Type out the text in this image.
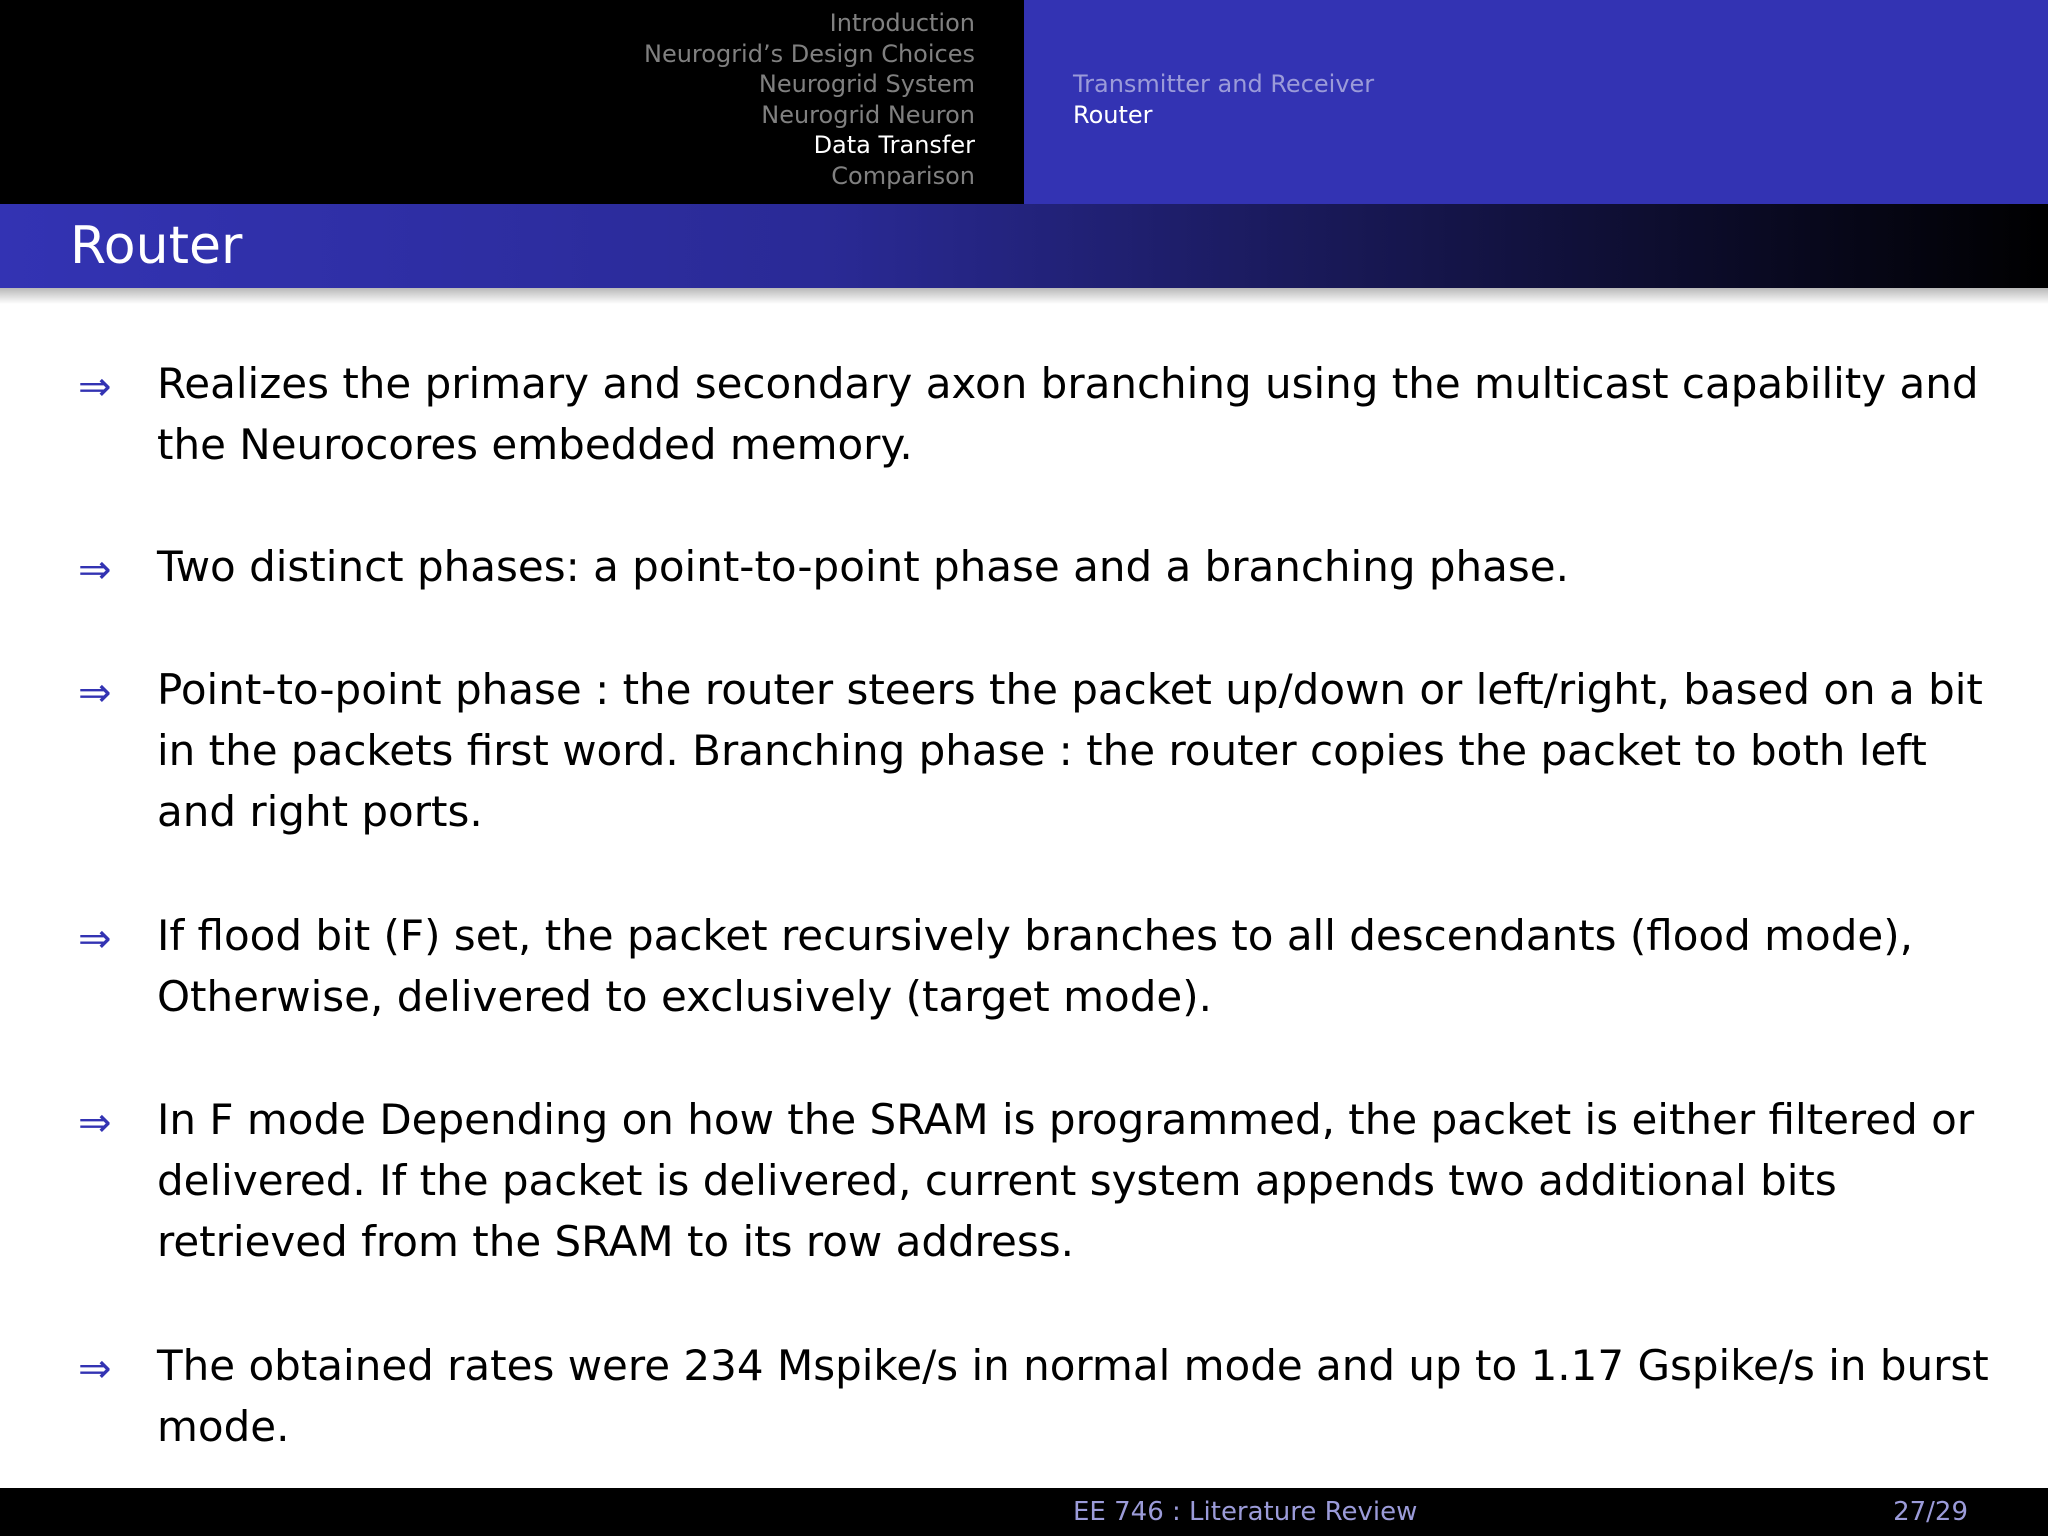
Introduction
Neurogrid’s Design Choices
Neurogrid System
Neurogrid Neuron
Data Transfer
Comparison
Transmitter and Receiver
Router
Router
⇒ Realizes the primary and secondary axon branching using the multicast capability and the Neurocores embedded memory.
⇒ Two distinct phases: a point-to-point phase and a branching phase.
⇒ Point-to-point phase : the router steers the packet up/down or left/right, based on a bit in the packets first word. Branching phase : the router copies the packet to both left and right ports.
⇒ If flood bit (F) set, the packet recursively branches to all descendants (flood mode), Otherwise, delivered to exclusively (target mode).
⇒ In F mode Depending on how the SRAM is programmed, the packet is either filtered or delivered. If the packet is delivered, current system appends two additional bits retrieved from the SRAM to its row address.
⇒ The obtained rates were 234 Mspike/s in normal mode and up to 1.17 Gspike/s in burst mode.
EE 746 : Literature Review	27/29
